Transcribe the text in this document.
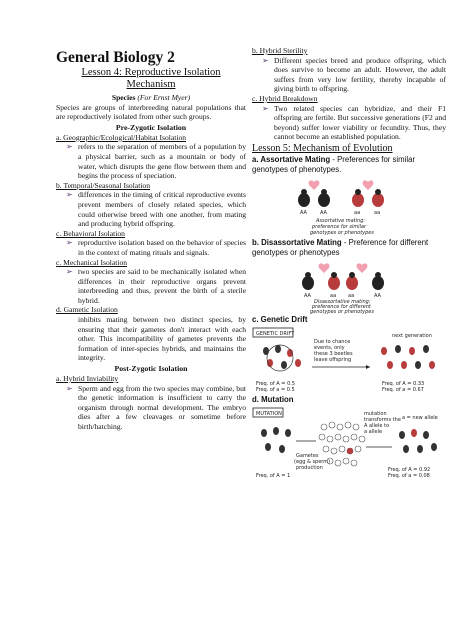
General Biology 2
Lesson 4: Reproductive Isolation
Mechanism
Species (For Ernst Myer)
Species are groups of interbreeding natural populations that are reproductively isolated from other such groups.
Pre-Zygotic Isolation
a. Geographic/Ecological/Habitat Isolation
➢ refers to the separation of members of a population by a physical barrier, such as a mountain or body of water, which disrupts the gene flow between them and begins the process of speciation.
b. Temporal/Seasonal Isolation
➢ differences in the timing of critical reproductive events prevent members of closely related species, which could otherwise breed with one another, from mating and producing hybrid offspring.
c. Behavioral Isolation
➢ reproductive isolation based on the behavior of species in the context of mating rituals and signals.
c. Mechanical Isolation
➢ two species are said to be mechanically isolated when differences in their reproductive organs prevent interbreeding and thus, prevent the birth of a sterile hybrid.
d. Gametic Isolation
inhibits mating between two distinct species, by ensuring that their gametes don't interact with each other. This incompatibility of gametes prevents the formation of inter-species hybrids, and maintains the integrity.
Post-Zygotic Isolation
a. Hybrid Inviability
➢ Sperm and egg from the two species may combine, but the genetic information is insufficient to carry the organism through normal development. The embryo dies after a few cleavages or sometime before birth/hatching.
b. Hybrid Sterility
➢ Different species breed and produce offspring, which does survive to become an adult. However, the adult suffers from very low fertility, thereby incapable of giving birth to offspring.
c. Hybrid Breakdown
➢ Two related species can hybridize, and their F1 offspring are fertile. But successive generations (F2 and beyond) suffer lower viability or fecundity. Thus, they cannot become an established population.
Lesson 5: Mechanism of Evolution
a. Assortative Mating - Preferences for similar genotypes of phenotypes.
AA	AA	aa	aa
Assortative mating:
preference for similar
genotypes or phenotypes
b. Disassortative Mating - Preference for different genotypes or phenotypes
AA	aa aa	AA
Disassortative mating:
preference for different
genotypes or phenotypes
c. Genetic Drift
GENETIC DRIFT
Due to chance
events, only
these 3 beetles
leave offspring
next generation
Freq. of A = 0.5
Freq. of a = 0.5
Freq. of A = 0.33
Freq. of a = 0.67
d. Mutation
MUTATION
Gametes
(egg & sperm)
production
mutation
transforms the
A allele to
a allele
a = new allele
Freq. of A = 1
Freq. of A = 0.92
Freq. of a = 0.08
